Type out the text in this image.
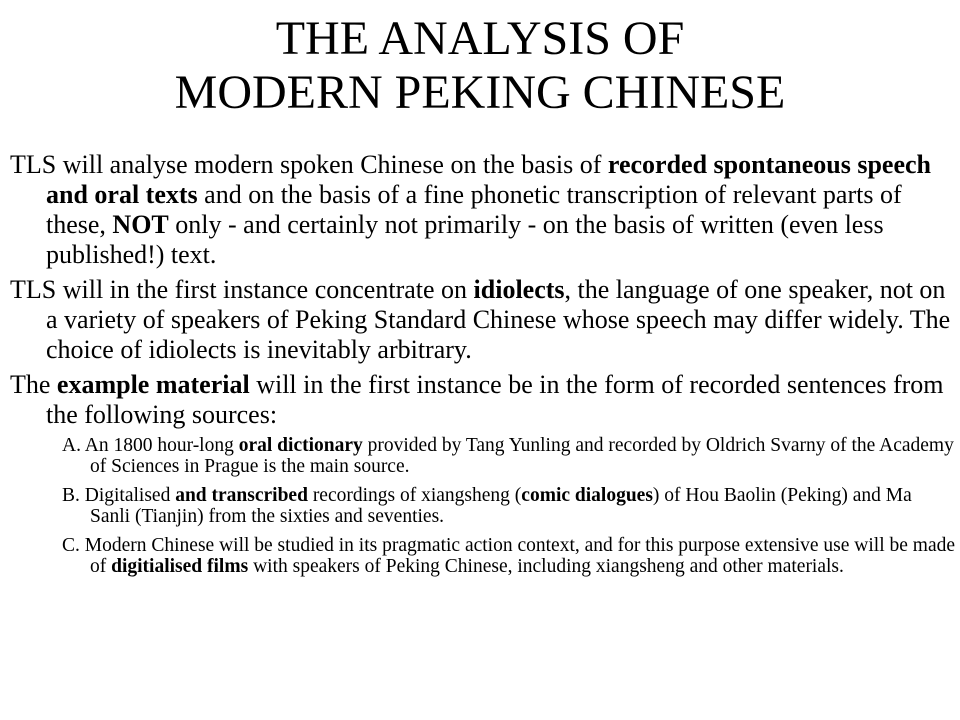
THE ANALYSIS OF
MODERN PEKING CHINESE

TLS will analyse modern spoken Chinese on the basis of recorded spontaneous speech and oral texts and on the basis of a fine phonetic transcription of relevant parts of these, NOT only - and certainly not primarily - on the basis of written (even less published!) text.

TLS will in the first instance concentrate on idiolects, the language of one speaker, not on a variety of speakers of Peking Standard Chinese whose speech may differ widely. The choice of idiolects is inevitably arbitrary.

The example material will in the first instance be in the form of recorded sentences from the following sources:

A. An 1800 hour-long oral dictionary provided by Tang Yunling and recorded by Oldrich Svarny of the Academy of Sciences in Prague is the main source.

B. Digitalised and transcribed recordings of xiangsheng (comic dialogues) of Hou Baolin (Peking) and Ma Sanli (Tianjin) from the sixties and seventies.

C. Modern Chinese will be studied in its pragmatic action context, and for this purpose extensive use will be made of digitialised films with speakers of Peking Chinese, including xiangsheng and other materials.
